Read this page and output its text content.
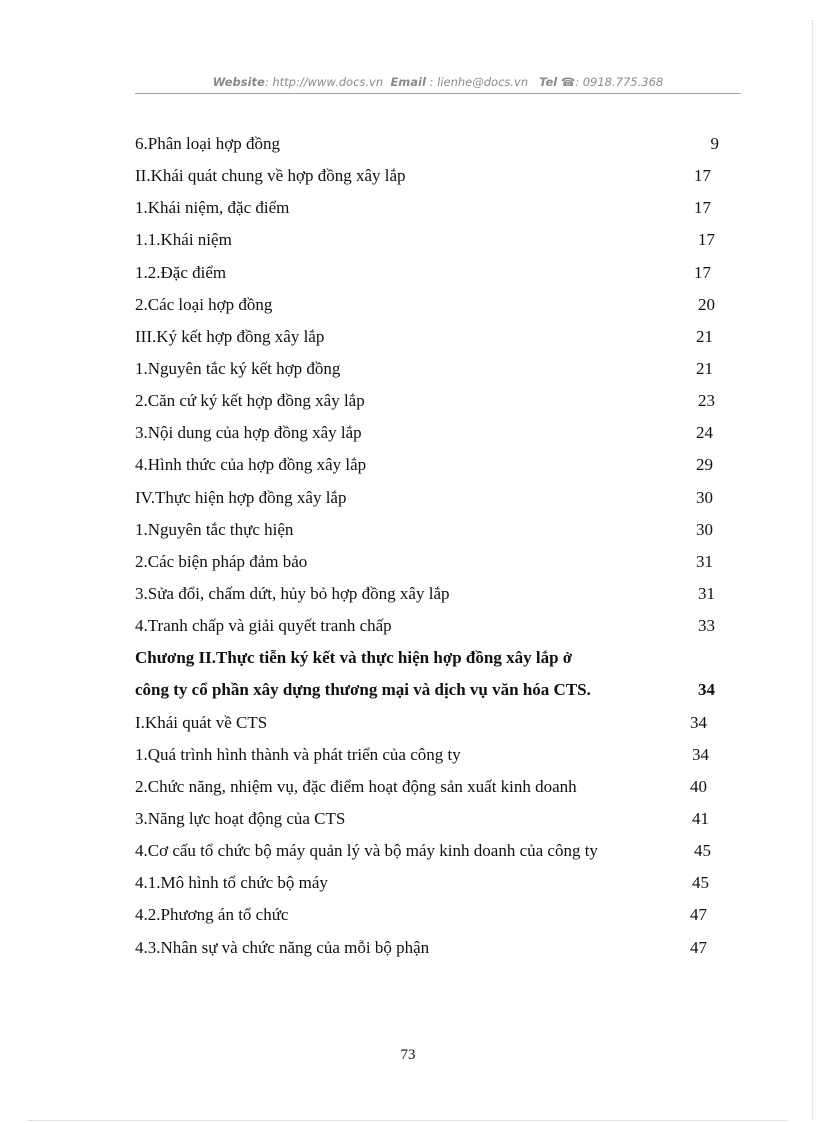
Website: http://www.docs.vn Email : lienhe@docs.vn Tel ☎: 0918.775.368
6.Phân loại hợp đồng	9
II.Khái quát chung về hợp đồng xây lắp	17
1.Khái niệm, đặc điểm	17
1.1.Khái niệm	17
1.2.Đặc điểm	17
2.Các loại hợp đồng	20
III.Ký kết hợp đồng xây lắp	21
1.Nguyên tắc ký kết hợp đồng	21
2.Căn cứ ký kết hợp đồng xây lắp	23
3.Nội dung của hợp đồng xây lắp	24
4.Hình thức của hợp đồng xây lắp	29
IV.Thực hiện hợp đồng xây lắp	30
1.Nguyên tắc thực hiện	30
2.Các biện pháp đảm bảo	31
3.Sửa đổi, chấm dứt, hủy bỏ hợp đồng xây lắp	31
4.Tranh chấp và giải quyết tranh chấp	33
Chương II.Thực tiễn ký kết và thực hiện hợp đồng xây lắp ở
công ty cổ phần xây dựng thương mại và dịch vụ văn hóa CTS.	34
I.Khái quát về CTS	34
1.Quá trình hình thành và phát triển của công ty	34
2.Chức năng, nhiệm vụ, đặc điểm hoạt động sản xuất kinh doanh	40
3.Năng lực hoạt động của CTS	41
4.Cơ cấu tổ chức bộ máy quản lý và bộ máy kinh doanh của công ty	45
4.1.Mô hình tổ chức bộ máy	45
4.2.Phương án tổ chức	47
4.3.Nhân sự và chức năng của mỗi bộ phận	47
73
